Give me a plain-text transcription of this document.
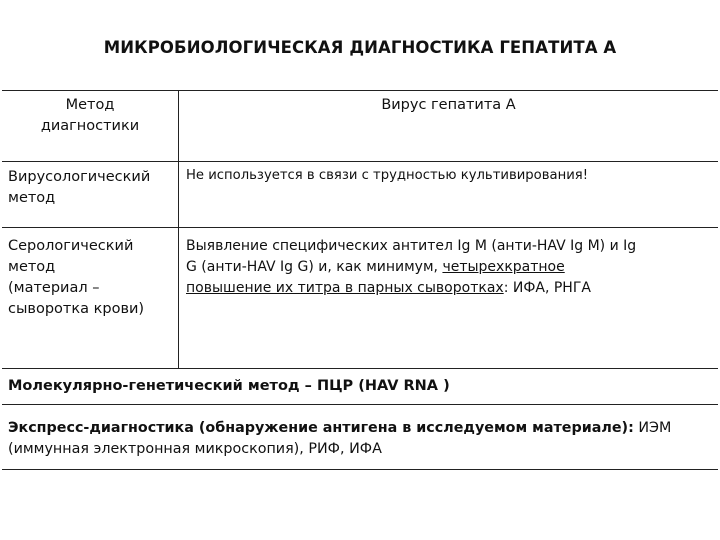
МИКРОБИОЛОГИЧЕСКАЯ ДИАГНОСТИКА ГЕПАТИТА А
Метод
диагностики
Вирус гепатита А
Вирусологический
метод
Не используется в связи с трудностью культивирования!
Серологический
метод
(материал –
сыворотка крови)
Выявление специфических антител Ig M (анти-HAV Ig M) и Ig
G (анти-HAV Ig G) и, как минимум, четырехкратное
повышение их титра в парных сыворотках: ИФА, РНГА
Молекулярно-генетический метод – ПЦР (HAV RNA )
Экспресс-диагностика (обнаружение антигена в исследуемом материале): ИЭМ
(иммунная электронная микроскопия), РИФ, ИФА
